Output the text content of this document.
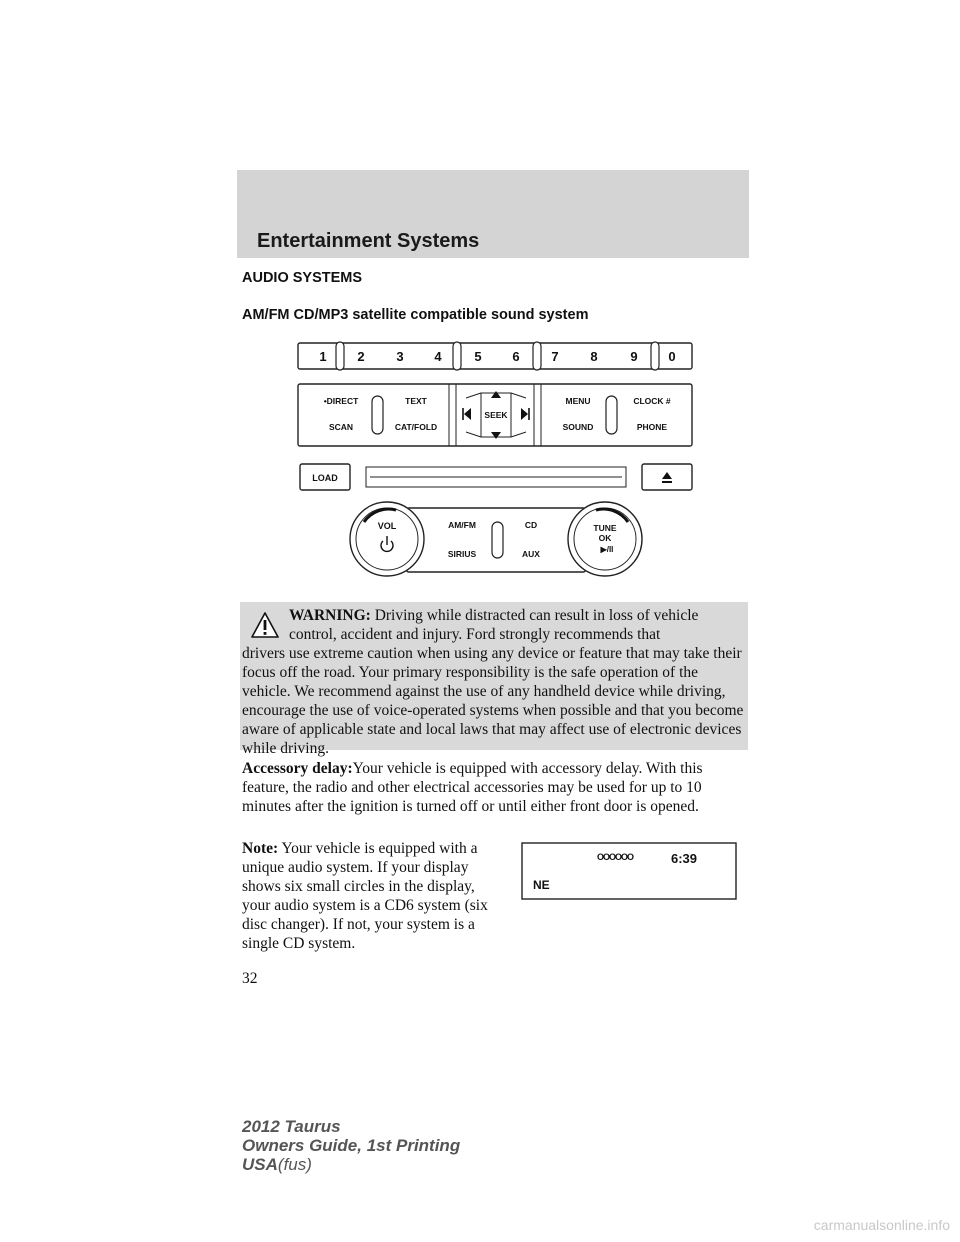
Entertainment Systems
AUDIO SYSTEMS
AM/FM CD/MP3 satellite compatible sound system
1 2 3 4	5 6 7 8	9 0
•DIRECT	TEXT
SCAN	CAT/FOLD
MENU	CLOCK #
SOUND	PHONE
SEEK
LOAD
AM/FM	CD
SIRIUS	AUX
VOL	TUNE
OK
▶/II
WARNING: Driving while distracted can result in loss of vehicle control, accident and injury. Ford strongly recommends that
drivers use extreme caution when using any device or feature that may take their focus off the road. Your primary responsibility is the safe operation of the vehicle. We recommend against the use of any handheld device while driving, encourage the use of voice-operated systems when possible and that you become aware of applicable state and local laws that may affect use of electronic devices while driving.
Accessory delay:Your vehicle is equipped with accessory delay. With this feature, the radio and other electrical accessories may be used for up to 10 minutes after the ignition is turned off or until either front door is opened.
Note: Your vehicle is equipped with a unique audio system. If your display shows six small circles in the display, your audio system is a CD6 system (six disc changer). If not, your system is a single CD system.
OOOOOO	6:39
NE
32
2012 Taurus
Owners Guide, 1st Printing
USA(fus)
carmanualsonline.info
